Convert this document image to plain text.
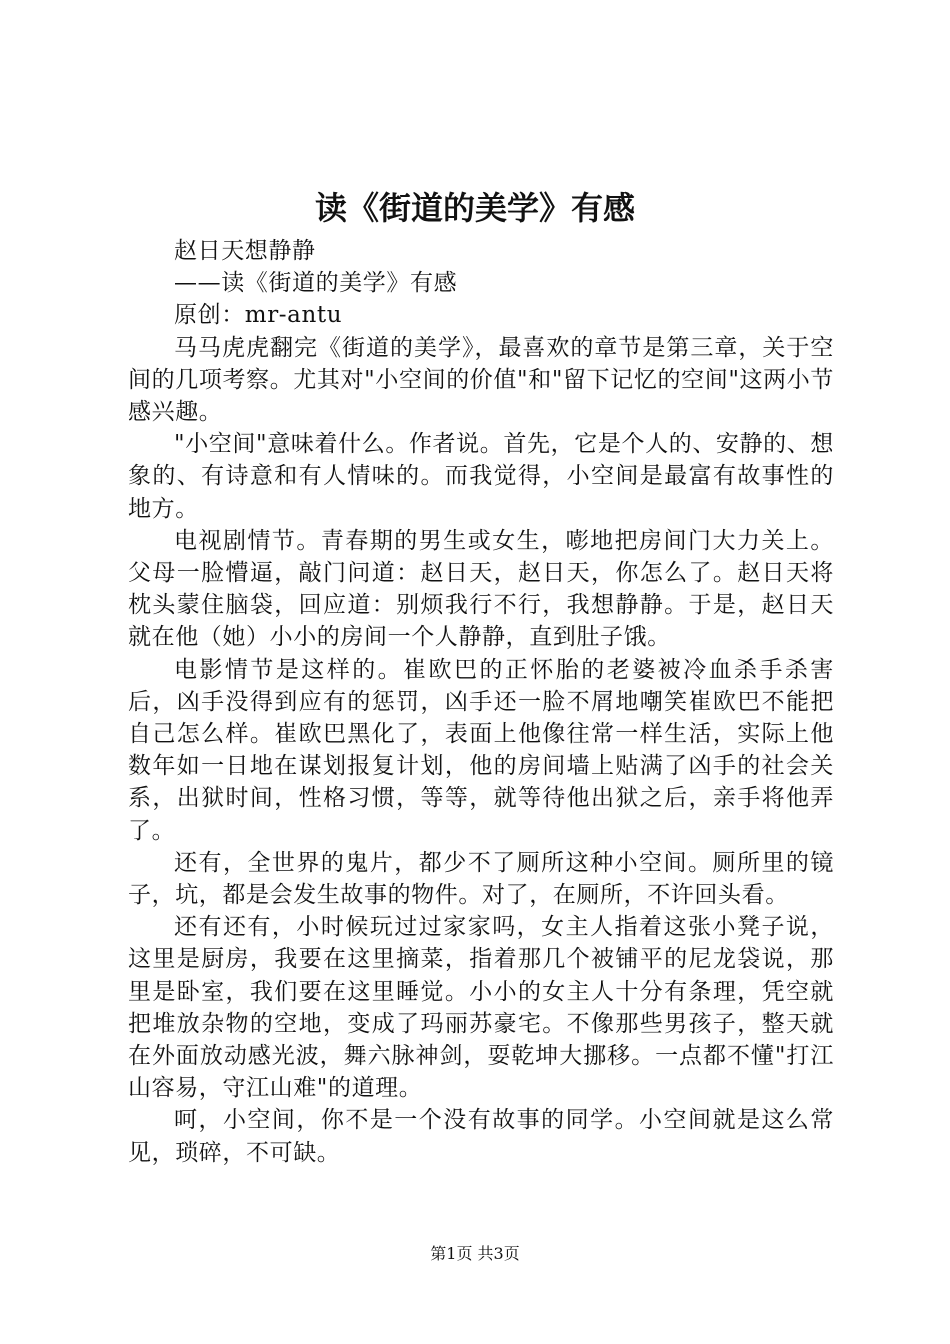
读《街道的美学》有感

赵日天想静静

——读《街道的美学》有感

原创：mr-antu

马马虎虎翻完《街道的美学》，最喜欢的章节是第三章，关于空间的几项考察。尤其对"小空间的价值"和"留下记忆的空间"这两小节感兴趣。

"小空间"意味着什么。作者说。首先，它是个人的、安静的、想象的、有诗意和有人情味的。而我觉得，小空间是最富有故事性的地方。

电视剧情节。青春期的男生或女生，嘭地把房间门大力关上。父母一脸懵逼，敲门问道：赵日天，赵日天，你怎么了。赵日天将枕头蒙住脑袋，回应道：别烦我行不行，我想静静。于是，赵日天就在他（她）小小的房间一个人静静，直到肚子饿。

电影情节是这样的。崔欧巴的正怀胎的老婆被冷血杀手杀害后，凶手没得到应有的惩罚，凶手还一脸不屑地嘲笑崔欧巴不能把自己怎么样。崔欧巴黑化了，表面上他像往常一样生活，实际上他数年如一日地在谋划报复计划，他的房间墙上贴满了凶手的社会关系，出狱时间，性格习惯，等等，就等待他出狱之后，亲手将他弄了。

还有，全世界的鬼片，都少不了厕所这种小空间。厕所里的镜子，坑，都是会发生故事的物件。对了，在厕所，不许回头看。

还有还有，小时候玩过过家家吗，女主人指着这张小凳子说，这里是厨房，我要在这里摘菜，指着那几个被铺平的尼龙袋说，那里是卧室，我们要在这里睡觉。小小的女主人十分有条理，凭空就把堆放杂物的空地，变成了玛丽苏豪宅。不像那些男孩子，整天就在外面放动感光波，舞六脉神剑，耍乾坤大挪移。一点都不懂"打江山容易，守江山难"的道理。

呵，小空间，你不是一个没有故事的同学。小空间就是这么常见，琐碎，不可缺。

第1页 共3页
